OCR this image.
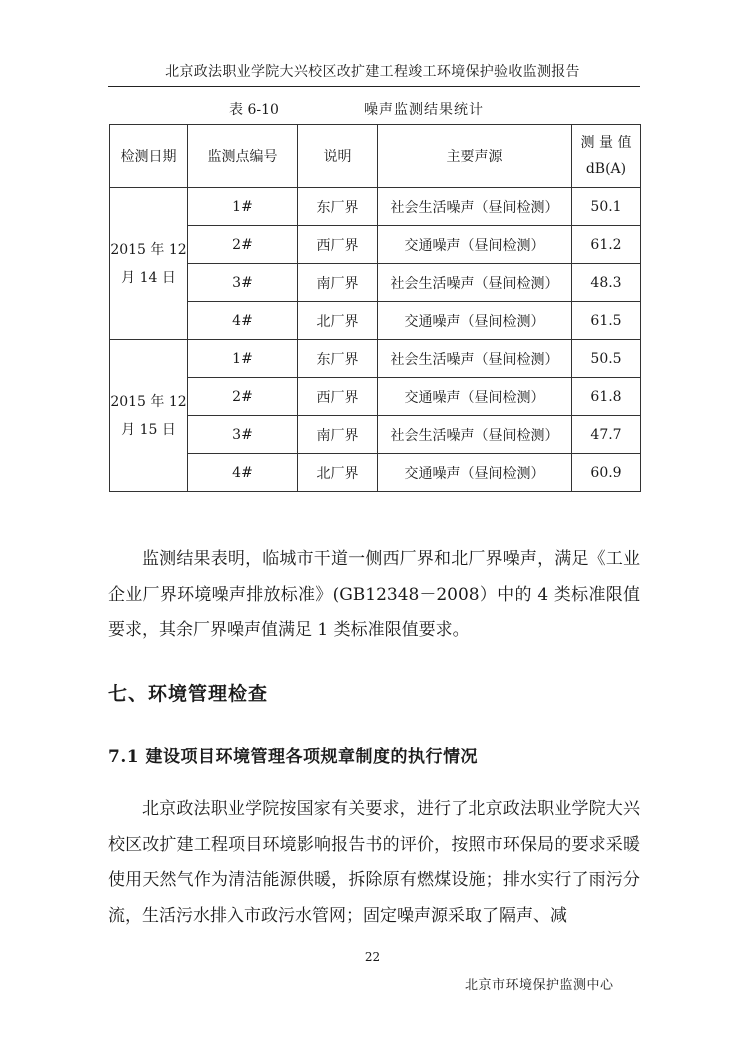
北京政法职业学院大兴校区改扩建工程竣工环境保护验收监测报告
表 6-10	噪声监测结果统计
检测日期	监测点编号	说明	主要声源	测 量 值
dB(A)

2015 年 12
月 14 日	1#	东厂界	社会生活噪声（昼间检测）	50.1
	2#	西厂界	交通噪声（昼间检测）	61.2
	3#	南厂界	社会生活噪声（昼间检测）	48.3
	4#	北厂界	交通噪声（昼间检测）	61.5

2015 年 12
月 15 日	1#	东厂界	社会生活噪声（昼间检测）	50.5
	2#	西厂界	交通噪声（昼间检测）	61.8
	3#	南厂界	社会生活噪声（昼间检测）	47.7
	4#	北厂界	交通噪声（昼间检测）	60.9

监测结果表明，临城市干道一侧西厂界和北厂界噪声，满足《工业企业厂界环境噪声排放标准》(GB12348－2008）中的 4 类标准限值要求，其余厂界噪声值满足 1 类标准限值要求。

七、环境管理检查
7.1 建设项目环境管理各项规章制度的执行情况

北京政法职业学院按国家有关要求，进行了北京政法职业学院大兴校区改扩建工程项目环境影响报告书的评价，按照市环保局的要求采暖使用天然气作为清洁能源供暖，拆除原有燃煤设施；排水实行了雨污分流，生活污水排入市政污水管网；固定噪声源采取了隔声、减

22
北京市环境保护监测中心
